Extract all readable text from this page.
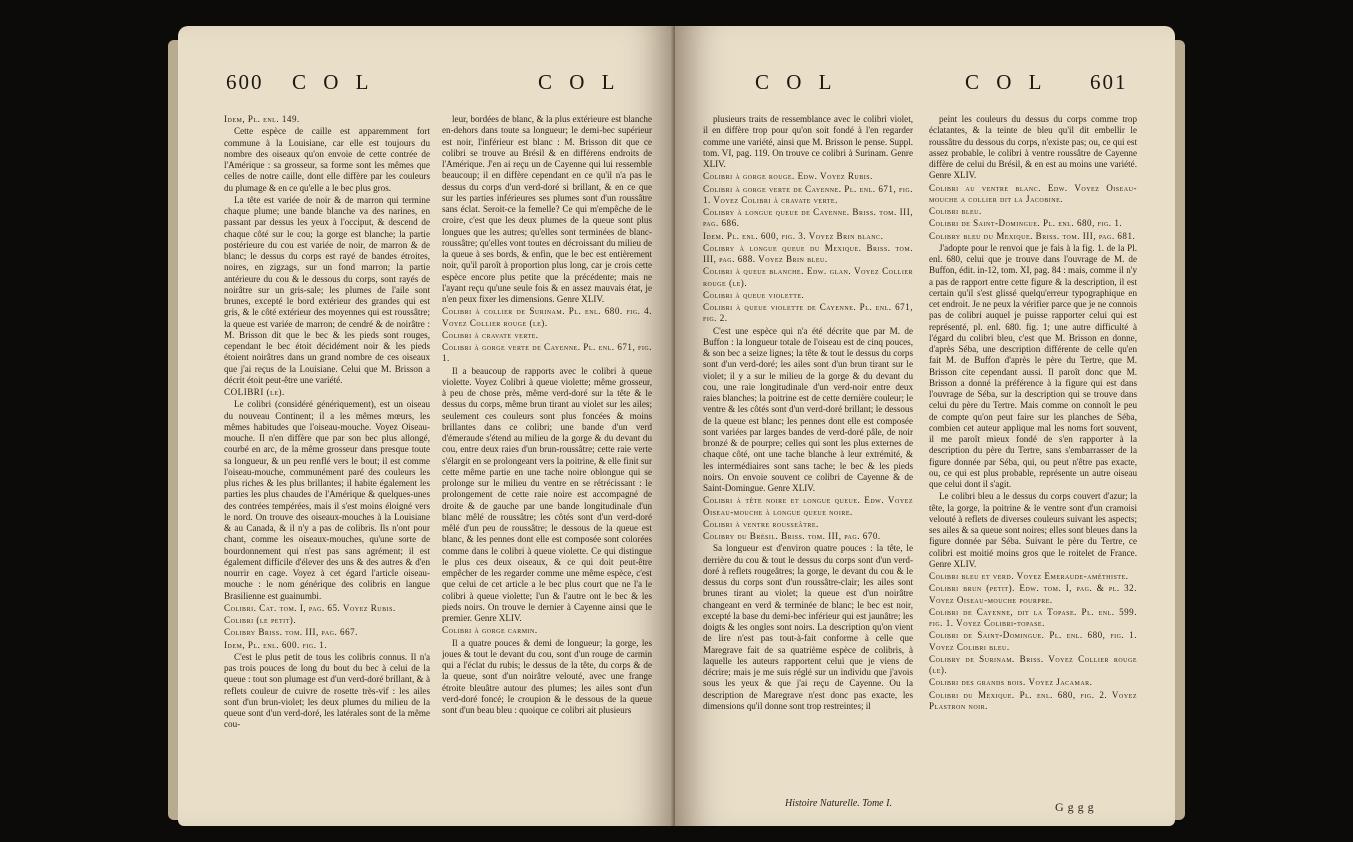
600 C O L	C O L

Idem, Pl. enl. 149.

Cette espèce de caille est apparemment fort commune à la Louisiane, car elle est toujours du nombre des oiseaux qu'on envoie de cette contrée de l'Amérique : sa grosseur, sa forme sont les mêmes que celles de notre caille, dont elle diffère par les couleurs du plumage & en ce qu'elle a le bec plus gros.

La tête est variée de noir & de marron qui termine chaque plume; une bande blanche va des narines, en passant par dessus les yeux à l'occiput, & descend de chaque côté sur le cou; la gorge est blanche; la partie postérieure du cou est variée de noir, de marron & de blanc; le dessus du corps est rayé de bandes étroites, noires, en zigzags, sur un fond marron; la partie antérieure du cou & le dessous du corps, sont rayés de noirâtre sur un gris-sale; les plumes de l'aile sont brunes, excepté le bord extérieur des grandes qui est gris, & le côté extérieur des moyennes qui est roussâtre; la queue est variée de marron; de cendré & de noirâtre : M. Brisson dit que le bec & les pieds sont rouges, cependant le bec étoit décidément noir & les pieds étoient noirâtres dans un grand nombre de ces oiseaux que j'ai reçus de la Louisiane. Celui que M. Brisson a décrit étoit peut-être une variété.

COLIBRI (le).

Le colibri (considéré génériquement), est un oiseau du nouveau Continent; il a les mêmes mœurs, les mêmes habitudes que l'oiseau-mouche. Voyez Oiseau-mouche. Il n'en diffère que par son bec plus allongé, courbé en arc, de la même grosseur dans presque toute sa longueur, & un peu renflé vers le bout; il est comme l'oiseau-mouche, communément paré des couleurs les plus riches & les plus brillantes; il habite également les parties les plus chaudes de l'Amérique & quelques-unes des contrées tempérées, mais il s'est moins éloigné vers le nord. On trouve des oiseaux-mouches à la Louisiane & au Canada, & il n'y a pas de colibris. Ils n'ont pour chant, comme les oiseaux-mouches, qu'une sorte de bourdonnement qui n'est pas sans agrément; il est également difficile d'élever des uns & des autres & d'en nourrir en cage. Voyez à cet égard l'article oiseau-mouche : le nom générique des colibris en langue Brasilienne est guainumbi.

Colibri. Cat. tom. I, pag. 65. Voyez Rubis.

Colibri (le petit).

Colibry Briss. tom. III, pag. 667.

Idem, Pl. enl. 600. fig. 1.

C'est le plus petit de tous les colibris connus. Il n'a pas trois pouces de long du bout du bec à celui de la queue : tout son plumage est d'un verd-doré brillant, & à reflets couleur de cuivre de rosette très-vif : les ailes sont d'un brun-violet; les deux plumes du milieu de la queue sont d'un verd-doré, les latérales sont de la même cou-

leur, bordées de blanc, & la plus extérieure est blanche en-dehors dans toute sa longueur; le demi-bec supérieur est noir, l'inférieur est blanc : M. Brisson dit que ce colibri se trouve au Brésil & en différens endroits de l'Amérique. J'en ai reçu un de Cayenne qui lui ressemble beaucoup; il en diffère cependant en ce qu'il n'a pas le dessus du corps d'un verd-doré si brillant, & en ce que sur les parties inférieures ses plumes sont d'un roussâtre sans éclat. Seroit-ce la femelle? Ce qui m'empêche de le croire, c'est que les deux plumes de la queue sont plus longues que les autres; qu'elles sont terminées de blanc-roussâtre; qu'elles vont toutes en décroissant du milieu de la queue à ses bords, & enfin, que le bec est entièrement noir, qu'il paroît à proportion plus long, car je crois cette espèce encore plus petite que la précédente; mais ne l'ayant reçu qu'une seule fois & en assez mauvais état, je n'en peux fixer les dimensions. Genre XLIV.

Colibri à collier de Surinam. Pl. enl. 680. fig. 4. Voyez Collier rouge (le).

Colibri à cravate verte.

Colibri à gorge verte de Cayenne. Pl. enl. 671, fig. 1.

Il a beaucoup de rapports avec le colibri à queue violette. Voyez Colibri à queue violette; même grosseur, à peu de chose près, même verd-doré sur la tête & le dessus du corps, même brun tirant au violet sur les ailes; seulement ces couleurs sont plus foncées & moins brillantes dans ce colibri; une bande d'un verd d'émeraude s'étend au milieu de la gorge & du devant du cou, entre deux raies d'un brun-roussâtre; cette raie verte s'élargit en se prolongeant vers la poitrine, & elle finit sur cette même partie en une tache noire oblongue qui se prolonge sur le milieu du ventre en se rétrécissant : le prolongement de cette raie noire est accompagné de droite & de gauche par une bande longitudinale d'un blanc mêlé de roussâtre; les côtés sont d'un verd-doré mêlé d'un peu de roussâtre; le dessous de la queue est blanc, & les pennes dont elle est composée sont colorées comme dans le colibri à queue violette. Ce qui distingue le plus ces deux oiseaux, & ce qui doit peut-être empêcher de les regarder comme une même espèce, c'est que celui de cet article a le bec plus court que ne l'a le colibri à queue violette; l'un & l'autre ont le bec & les pieds noirs. On trouve le dernier à Cayenne ainsi que le premier. Genre XLIV.

Colibri à gorge carmin.

Il a quatre pouces & demi de longueur; la gorge, les joues & tout le devant du cou, sont d'un rouge de carmin qui a l'éclat du rubis; le dessus de la tête, du corps & de la queue, sont d'un noirâtre velouté, avec une frange étroite bleuâtre autour des plumes; les ailes sont d'un verd-doré foncé; le croupion & le dessous de la queue sont d'un beau bleu : quoique ce colibri ait plusieurs

C O L	C O L 601

plusieurs traits de ressemblance avec le colibri violet, il en diffère trop pour qu'on soit fondé à l'en regarder comme une variété, ainsi que M. Brisson le pense. Suppl. tom. VI, pag. 119. On trouve ce colibri à Surinam. Genre XLIV.

Colibri à gorge rouge. Edw. Voyez Rubis.

Colibri à gorge verte de Cayenne. Pl. enl. 671, fig. 1. Voyez Colibri à cravate verte.

Colibry à longue queue de Cayenne. Briss. tom. III, pag. 686.

Idem. Pl. enl. 600, fig. 3. Voyez Brin blanc.

Colibry à longue queue du Mexique. Briss. tom. III, pag. 688. Voyez Brin bleu.

Colibri à queue blanche. Edw. glan. Voyez Collier rouge (le).

Colibri à queue violette.

Colibri à queue violette de Cayenne. Pl. enl. 671, fig. 2.

C'est une espèce qui n'a été décrite que par M. de Buffon : la longueur totale de l'oiseau est de cinq pouces, & son bec a seize lignes; la tête & tout le dessus du corps sont d'un verd-doré; les ailes sont d'un brun tirant sur le violet; il y a sur le milieu de la gorge & du devant du cou, une raie longitudinale d'un verd-noir entre deux raies blanches; la poitrine est de cette dernière couleur; le ventre & les côtés sont d'un verd-doré brillant; le dessous de la queue est blanc; les pennes dont elle est composée sont variées par larges bandes de verd-doré pâle, de noir bronzé & de pourpre; celles qui sont les plus externes de chaque côté, ont une tache blanche à leur extrémité, & les intermédiaires sont sans tache; le bec & les pieds noirs. On envoie souvent ce colibri de Cayenne & de Saint-Domingue. Genre XLIV.

Colibri à tête noire et longue queue. Edw. Voyez Oiseau-mouche à longue queue noire.

Colibri à ventre rousseâtre.

Colibry du Brésil. Briss. tom. III, pag. 670.

Sa longueur est d'environ quatre pouces : la tête, le derrière du cou & tout le dessus du corps sont d'un verd-doré à reflets rougeâtres; la gorge, le devant du cou & le dessus du corps sont d'un roussâtre-clair; les ailes sont brunes tirant au violet; la queue est d'un noirâtre changeant en verd & terminée de blanc; le bec est noir, excepté la base du demi-bec inférieur qui est jaunâtre; les doigts & les ongles sont noirs. La description qu'on vient de lire n'est pas tout-à-fait conforme à celle que Maregrave fait de sa quatrième espèce de colibris, à laquelle les auteurs rapportent celui que je viens de décrire; mais je me suis réglé sur un individu que j'avois sous les yeux & que j'ai reçu de Cayenne. Ou la description de Maregrave n'est donc pas exacte, les dimensions qu'il donne sont trop restreintes; il

peint les couleurs du dessus du corps comme trop éclatantes, & la teinte de bleu qu'il dit embellir le roussâtre du dessous du corps, n'existe pas; ou, ce qui est assez probable, le colibri à ventre roussâtre de Cayenne diffère de celui du Brésil, & en est au moins une variété. Genre XLIV.

Colibri au ventre blanc. Edw. Voyez Oiseau-mouche a collier dit la Jacobine.

Colibri bleu.

Colibri de Saint-Domingue. Pl. enl. 680, fig. 1.

Colibry bleu du Mexique. Briss. tom. III, pag. 681.

J'adopte pour le renvoi que je fais à la fig. 1. de la Pl. enl. 680, celui que je trouve dans l'ouvrage de M. de Buffon, édit. in-12, tom. XI, pag. 84 : mais, comme il n'y a pas de rapport entre cette figure & la description, il est certain qu'il s'est glissé quelqu'erreur typographique en cet endroit. Je ne peux la vérifier parce que je ne connois pas de colibri auquel je puisse rapporter celui qui est représenté, pl. enl. 680. fig. 1; une autre difficulté à l'égard du colibri bleu, c'est que M. Brisson en donne, d'après Séba, une description différente de celle qu'en fait M. de Buffon d'après le père du Tertre, que M. Brisson cite cependant aussi. Il paroît donc que M. Brisson a donné la préférence à la figure qui est dans l'ouvrage de Séba, sur la description qui se trouve dans celui du père du Tertre. Mais comme on connoît le peu de compte qu'on peut faire sur les planches de Séba, combien cet auteur applique mal les noms fort souvent, il me paroît mieux fondé de s'en rapporter à la description du père du Tertre, sans s'embarrasser de la figure donnée par Séba, qui, ou peut n'être pas exacte, ou, ce qui est plus probable, représente un autre oiseau que celui dont il s'agit.

Le colibri bleu a le dessus du corps couvert d'azur; la tête, la gorge, la poitrine & le ventre sont d'un cramoisi velouté à reflets de diverses couleurs suivant les aspects; ses ailes & sa queue sont noires; elles sont bleues dans la figure donnée par Séba. Suivant le père du Tertre, ce colibri est moitié moins gros que le roitelet de France. Genre XLIV.

Colibri bleu et verd. Voyez Emeraude-améthiste.

Colibri brun (petit). Edw. tom. I, pag. & pl. 32. Voyez Oiseau-mouche pourpre.

Colibri de Cayenne, dit la Topase. Pl. enl. 599. fig. 1. Voyez Colibri-topase.

Colibri de Saint-Domingue. Pl. enl. 680, fig. 1. Voyez Colibri bleu.

Colibry de Surinam. Briss. Voyez Collier rouge (le).

Colibri des grands bois. Voyez Jacamar.

Colibri du Mexique. Pl. enl. 680, fig. 2. Voyez Plastron noir.

Histoire Naturelle. Tome I.	Gggg
